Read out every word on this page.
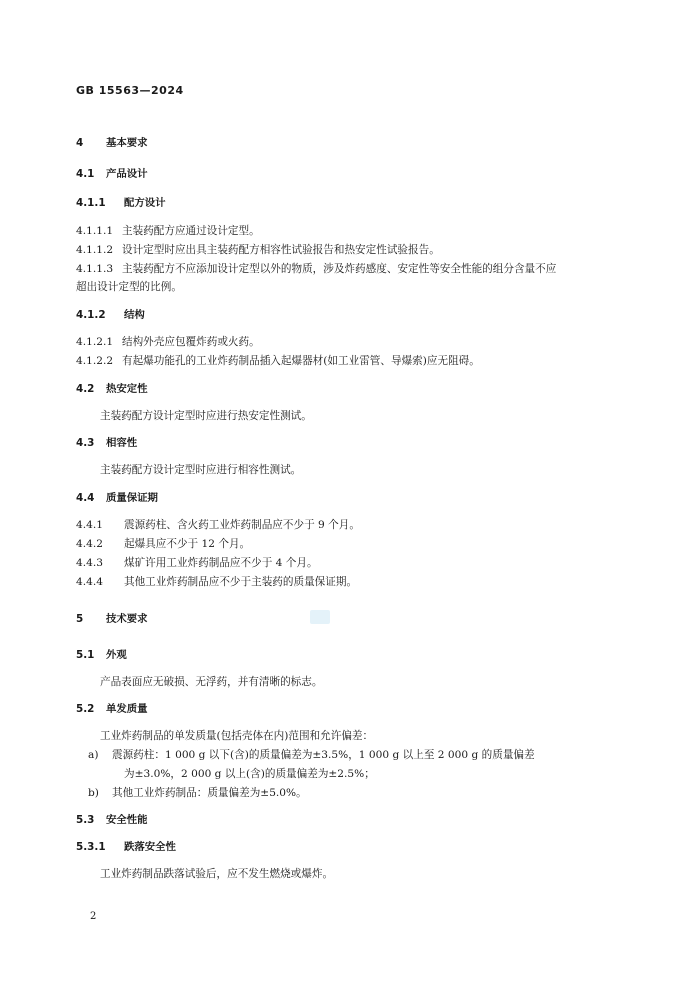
GB 15563—2024
4 基本要求
4.1 产品设计
4.1.1 配方设计
4.1.1.1 主装药配方应通过设计定型。
4.1.1.2 设计定型时应出具主装药配方相容性试验报告和热安定性试验报告。
4.1.1.3 主装药配方不应添加设计定型以外的物质，涉及炸药感度、安定性等安全性能的组分含量不应
超出设计定型的比例。
4.1.2 结构
4.1.2.1 结构外壳应包覆炸药或火药。
4.1.2.2 有起爆功能孔的工业炸药制品插入起爆器材(如工业雷管、导爆索)应无阻碍。
4.2 热安定性
主装药配方设计定型时应进行热安定性测试。
4.3 相容性
主装药配方设计定型时应进行相容性测试。
4.4 质量保证期
4.4.1 震源药柱、含火药工业炸药制品应不少于 9 个月。
4.4.2 起爆具应不少于 12 个月。
4.4.3 煤矿许用工业炸药制品应不少于 4 个月。
4.4.4 其他工业炸药制品应不少于主装药的质量保证期。
5 技术要求
5.1 外观
产品表面应无破损、无浮药，并有清晰的标志。
5.2 单发质量
工业炸药制品的单发质量(包括壳体在内)范围和允许偏差：
a) 震源药柱：1 000 g 以下(含)的质量偏差为±3.5%，1 000 g 以上至 2 000 g 的质量偏差
为±3.0%，2 000 g 以上(含)的质量偏差为±2.5%；
b) 其他工业炸药制品：质量偏差为±5.0%。
5.3 安全性能
5.3.1 跌落安全性
工业炸药制品跌落试验后，应不发生燃烧或爆炸。
2
